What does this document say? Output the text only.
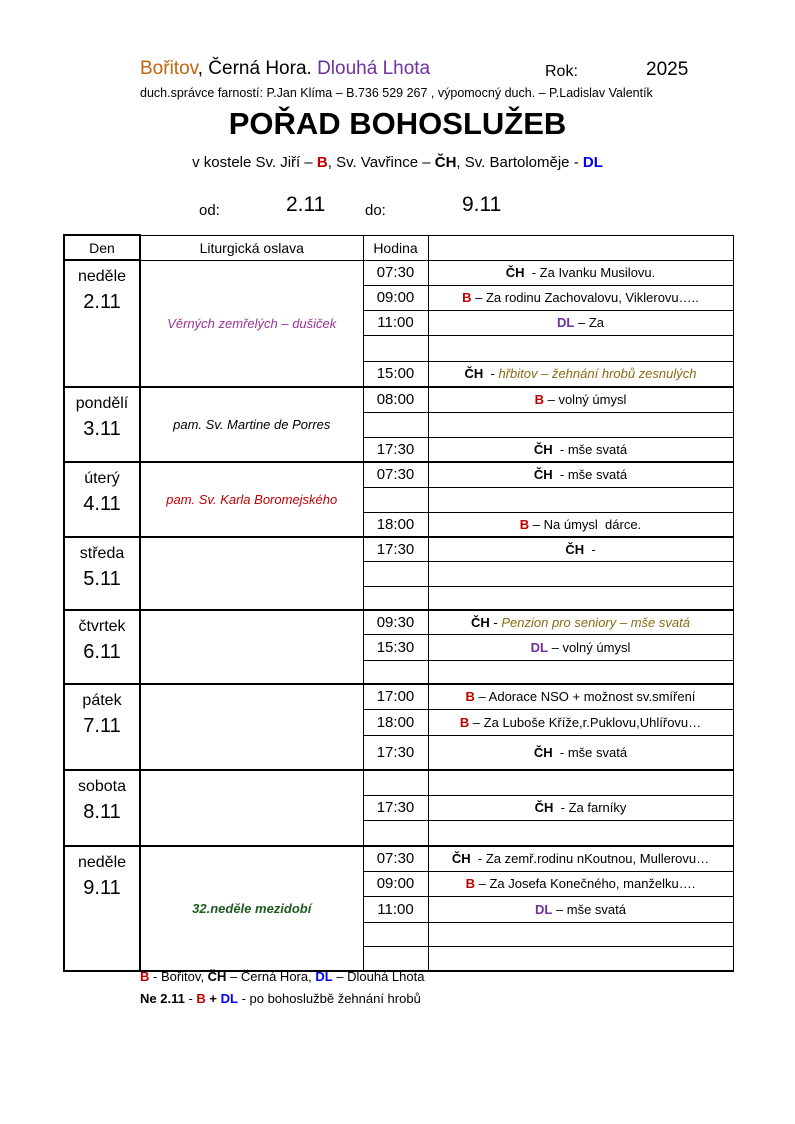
Bořitov, Černá Hora. Dlouhá Lhota	Rok:	2025
duch.správce farností: P.Jan Klíma – B.736 529 267 , výpomocný duch. – P.Ladislav Valentík
POŘAD BOHOSLUŽEB
v kostele Sv. Jiří – B, Sv. Vavřince – ČH, Sv. Bartoloměje - DL
od:	2.11	do:	9.11
Den	Liturgická oslava	Hodina	

neděle
2.11	Věrných zemřelých – dušiček	07:30	ČH  - Za Ivanku Musilovu.
		09:00	B – Za rodinu Zachovalovu, Viklerovu…..
		11:00	DL – Za

		15:00	ČH  - hřbitov – žehnání hrobů zesnulých

pondělí
3.11	pam. Sv. Martine de Porres	08:00	B – volný úmysl

		17:30	ČH  - mše svatá

úterý
4.11	pam. Sv. Karla Boromejského	07:30	ČH  - mše svatá

		18:00	B – Na úmysl  dárce.

středa
5.11		17:30	ČH  -

čtvrtek
6.11		09:30	ČH - Penzion pro seniory – mše svatá
		15:30	DL – volný úmysl

pátek
7.11		17:00	B – Adorace NSO + možnost sv.smíření
		18:00	B – Za Luboše Kříže,r.Puklovu,Uhlířovu…
		17:30	ČH  - mše svatá

sobota
8.11			

		17:30	ČH  - Za farníky

neděle
9.11	32.neděle mezidobí	07:30	ČH  - Za zemř.rodinu nKoutnou, Mullerovu…
		09:00	B – Za Josefa Konečného, manželku….
		11:00	DL – mše svatá

B - Bořitov, ČH – Černá Hora, DL – Dlouhá Lhota
Ne 2.11 - B + DL - po bohoslužbě žehnání hrobů
